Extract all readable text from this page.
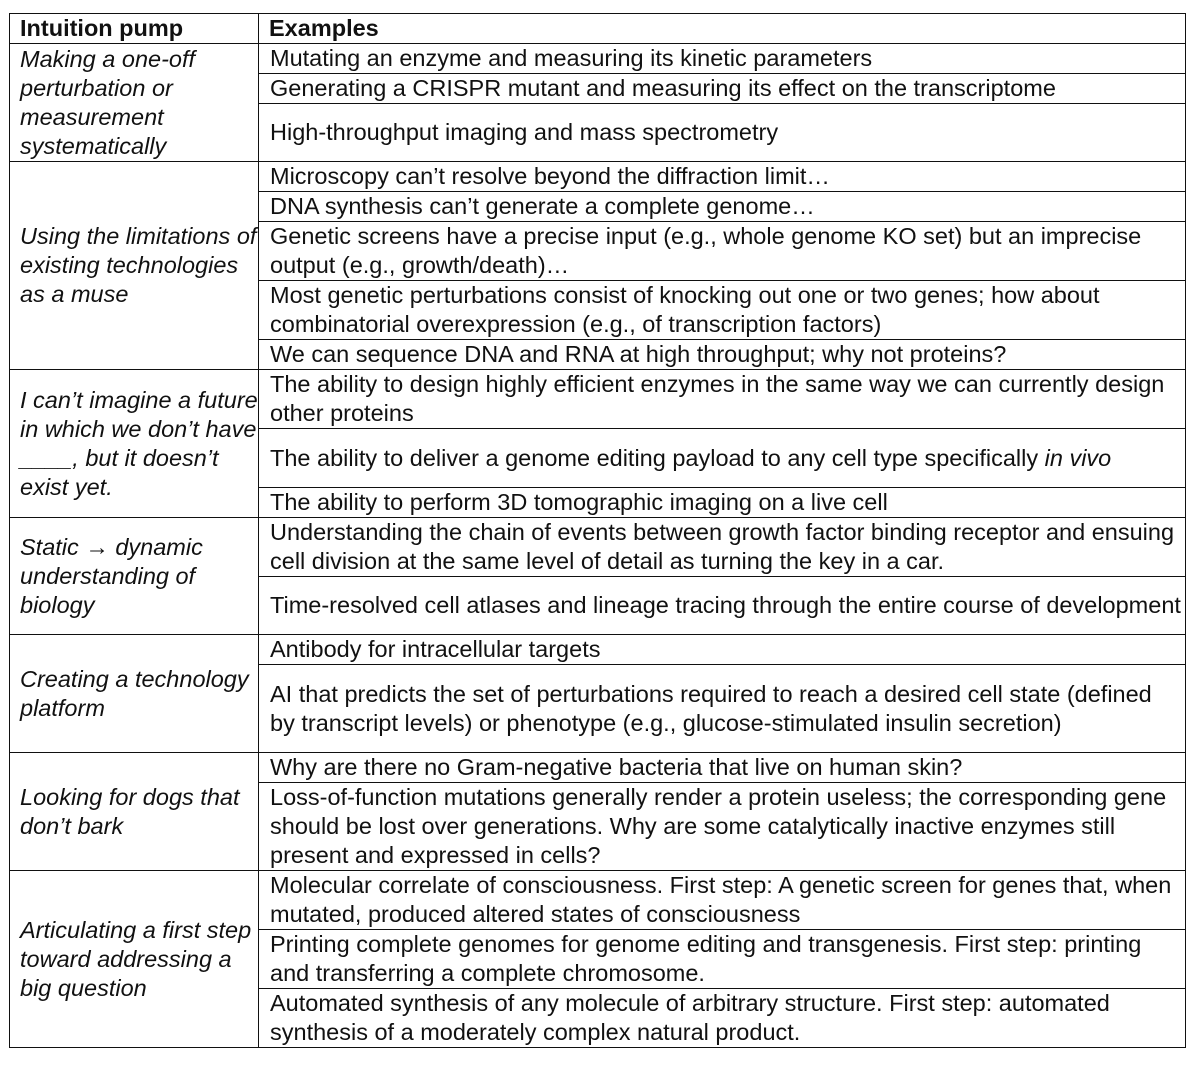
Intuition pump	Examples
Making a one-off perturbation or measurement systematically	Mutating an enzyme and measuring its kinetic parameters
	Generating a CRISPR mutant and measuring its effect on the transcriptome
	High-throughput imaging and mass spectrometry
Using the limitations of existing technologies as a muse	Microscopy can’t resolve beyond the diffraction limit…
	DNA synthesis can’t generate a complete genome…
	Genetic screens have a precise input (e.g., whole genome KO set) but an imprecise output (e.g., growth/death)…
	Most genetic perturbations consist of knocking out one or two genes; how about combinatorial overexpression (e.g., of transcription factors)
	We can sequence DNA and RNA at high throughput; why not proteins?
I can’t imagine a future in which we don’t have ____, but it doesn’t exist yet.	The ability to design highly efficient enzymes in the same way we can currently design other proteins
	The ability to deliver a genome editing payload to any cell type specifically in vivo
	The ability to perform 3D tomographic imaging on a live cell
Static → dynamic understanding of biology	Understanding the chain of events between growth factor binding receptor and ensuing cell division at the same level of detail as turning the key in a car.
	Time-resolved cell atlases and lineage tracing through the entire course of development
Creating a technology platform	Antibody for intracellular targets
	AI that predicts the set of perturbations required to reach a desired cell state (defined by transcript levels) or phenotype (e.g., glucose-stimulated insulin secretion)
Looking for dogs that don’t bark	Why are there no Gram-negative bacteria that live on human skin?
	Loss-of-function mutations generally render a protein useless; the corresponding gene should be lost over generations. Why are some catalytically inactive enzymes still present and expressed in cells?
Articulating a first step toward addressing a big question	Molecular correlate of consciousness. First step: A genetic screen for genes that, when mutated, produced altered states of consciousness
	Printing complete genomes for genome editing and transgenesis. First step: printing and transferring a complete chromosome.
	Automated synthesis of any molecule of arbitrary structure. First step: automated synthesis of a moderately complex natural product.
